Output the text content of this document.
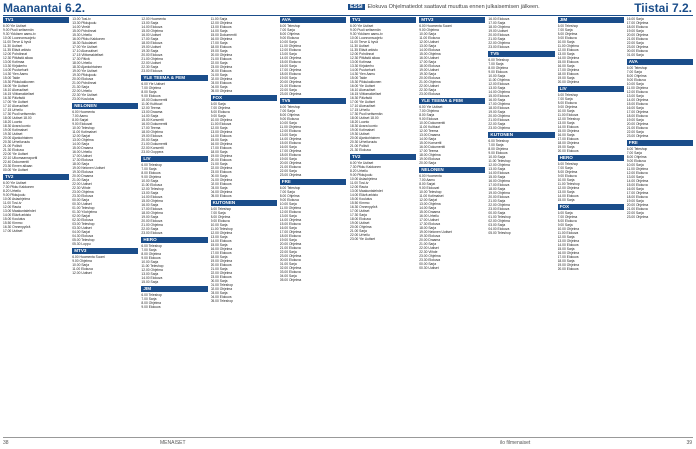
Maanantai 6.2.	ESSI Elokuva Ohjelmatiedot saattavat muuttua ennen julkaisemisen jälkeen.	Tiistai 7.2.
TV1
6.00 Yle Uutiset
9.00 Puoli seitsemän
9.30 Ykkösen aamu-tv
10.00 Luonnonsuojelu
11.00 Terve & hyvä
11.30 Uutiset
11.35 Elävä arkisto
12.00 Pohdinnat
12.30 Pitkästä aikaa
13.00 Kotimaa
13.30 Kirjakerho
14.00 Puutarhurit
14.30 Ylen Aamu
15.00 Taide
15.30 Pikkukakkonen
16.00 Yle Uutiset
16.10 Alueuutiset
16.15 Viittomakieliset
16.30 Päivästä
17.00 Yle Uutiset
17.10 Alueuutiset
17.15 Urheilu
17.30 Puoli seitsemän
18.00 Uutiset 18.00
18.20 Luonto
18.30 Avara luonto
19.00 Kotimaiset
19.30 Uutiset
20.00 Ajankohtainen
20.30 Urheiluruutu
21.00 Poliisit
21.30 Elokuva
22.00 Yle Uutiset
22.10 Ulkomaanraportti
22.40 Dokumentti
23.30 Ennen aikaan
00.00 Yle Uutiset
TV2
6.00 Yle Uutiset
7.30 Pikku Kakkonen
8.20 Urheilu
9.00 Pikkujoulu
10.00 Asiaohjelma
11.00 Tosi-tv
12.00 Rauta
13.00 Maakuntalehdet
14.00 Elävä arkisto
15.00 Koulutus
15.50 Kimmo
16.30 Onnenpyörä
17.00 Uutiset
13.00 Tosi-tv
13.30 Pikkujoulu
14.00 Vireät
15.00 Pohdinnat
15.30 Urheilu
16.00 Pikku Kakkonen
16.30 Sukulaiset
17.00 Yle Uutiset
17.10 Alueuutiset
17.15 Viittomakieliset
17.30 Päivä
18.00 Urheilu
18.30 Ajankohtainen
19.00 Yle Uutiset
19.30 Pikkujoulu
20.00 Elokuva
21.00 Pohdinnat
21.30 Sarja
22.00 Urheilu
22.30 Yle Uutiset
23.00 Koulutus
NELONEN
6.00 Huomenta
7.00 Aamu
8.00 Sarjat
9.00 Elokuvat
10.00 Teleshop
11.00 Kotimaiset
12.00 Sarjat
13.00 Ohjelma
14.00 Sarja
15.00 Draama
16.00 Urheilu
17.00 Uutiset
17.30 Elokuva
18.00 Sarja
19.00 Nelonen Uutiset
19.30 Elokuva
20.00 Draama
21.00 Sarja
22.00 Uutiset
22.30 Viihde
23.00 Ohjelma
23.30 Elokuva
00.00 Sarja
00.30 Uutiset
01.00 Teleshop
01.30 Yöohjelma
02.00 Sarjat
02.30 Elokuva
03.00 Teleshop
03.30 Uutiset
04.00 Sarjat
04.30 Elokuva
05.00 Teleshop
05.30 Loppu
MTV3
6.00 Huomenta Suomi
9.00 Ohjelma
10.00 Sarja
11.00 Elokuva
12.00 Uutiset
12.00 Huomenta
13.00 Sarja
14.00 Elokuva
15.00 Ohjelma
16.00 Uutiset
17.00 Sarja
18.00 Elokuva
19.00 Uutiset
19.30 Sarja
20.00 Elokuva
21.00 Ohjelma
22.00 Uutiset
22.30 Sarja
23.00 Elokuva
YLE TEEMA & FEM
6.00 Yle Uutiset
7.00 Ohjelma
8.00 Sarja
9.00 Elokuva
10.00 Dokumentti
11.00 Kulttuuri
12.00 Teema
13.00 Draama
14.00 Sarja
15.00 Konsertti
16.00 Dokumentti
17.00 Teema
18.00 Ohjelma
19.00 Elokuva
20.00 Sarja
21.00 Dokumentti
22.00 Konsertti
23.00 Ooppera
LIV
6.00 Teleshop
7.00 Sarja
8.00 Elokuva
9.00 Ohjelma
10.00 Sarja
11.00 Elokuva
12.00 Teleshop
13.00 Sarja
14.00 Elokuva
15.00 Ohjelma
16.00 Sarja
17.00 Elokuva
18.00 Ohjelma
19.00 Sarja
20.00 Elokuva
21.00 Ohjelma
22.00 Sarja
23.00 Elokuva
HERO
6.00 Teleshop
7.00 Sarja
8.00 Ohjelma
9.00 Elokuva
10.00 Sarja
11.00 Teleshop
12.00 Ohjelma
13.00 Sarja
14.00 Elokuva
15.00 Sarja
JIM
6.00 Teleshop
7.00 Sarja
8.00 Ohjelma
9.00 Elokuva
11.00 Sarja
12.00 Ohjelma
13.00 Elokuva
14.00 Sarja
15.00 Dokumentti
16.00 Ohjelma
17.00 Sarja
18.00 Elokuva
19.00 Sarja
20.00 Ohjelma
21.00 Elokuva
22.00 Sarja
23.00 Ohjelma
00.00 Elokuva
01.00 Sarja
02.00 Ohjelma
03.00 Elokuva
04.00 Sarja
05.00 Ohjelma
FOX
6.00 Sarja
7.00 Ohjelma
8.00 Elokuva
9.00 Sarja
10.00 Ohjelma
11.00 Elokuva
12.00 Sarja
13.00 Ohjelma
14.00 Elokuva
15.00 Sarja
16.00 Ohjelma
17.00 Elokuva
18.00 Sarja
19.00 Ohjelma
20.00 Elokuva
21.00 Sarja
22.00 Ohjelma
23.00 Elokuva
00.00 Sarja
01.00 Ohjelma
02.00 Elokuva
03.00 Sarja
04.00 Ohjelma
05.00 Elokuva
KUTONEN
6.00 Teleshop
7.00 Sarja
8.00 Ohjelma
9.00 Elokuva
10.00 Sarja
11.00 Teleshop
12.00 Ohjelma
13.00 Sarja
14.00 Elokuva
15.00 Sarja
16.00 Ohjelma
17.00 Elokuva
18.00 Sarja
19.00 Ohjelma
20.00 Elokuva
21.00 Sarja
22.00 Ohjelma
23.00 Elokuva
00.00 Sarja
01.00 Teleshop
02.00 Ohjelma
03.00 Sarja
04.00 Elokuva
05.00 Teleshop
AVA
6.00 Teleshop
7.00 Sarja
8.00 Ohjelma
9.00 Elokuva
10.00 Sarja
11.00 Ohjelma
12.00 Elokuva
13.00 Sarja
14.00 Ohjelma
15.00 Elokuva
16.00 Sarja
17.00 Ohjelma
18.00 Elokuva
19.00 Sarja
20.00 Ohjelma
21.00 Elokuva
22.00 Sarja
23.00 Ohjelma
TV5
6.00 Teleshop
7.00 Sarja
8.00 Ohjelma
9.00 Elokuva
10.00 Sarja
11.00 Ohjelma
12.00 Elokuva
13.00 Sarja
14.00 Ohjelma
15.00 Elokuva
16.00 Sarja
17.00 Ohjelma
18.00 Elokuva
19.00 Sarja
20.00 Ohjelma
21.00 Elokuva
22.00 Sarja
23.00 Ohjelma
FRII
6.00 Teleshop
7.00 Sarja
8.00 Ohjelma
9.00 Elokuva
10.00 Sarja
11.00 Ohjelma
12.00 Elokuva
13.00 Sarja
14.00 Ohjelma
15.00 Elokuva
16.00 Sarja
17.00 Ohjelma
18.00 Elokuva
19.00 Sarja
20.00 Ohjelma
21.00 Elokuva
22.00 Sarja
23.00 Ohjelma
00.00 Elokuva
01.00 Sarja
02.00 Ohjelma
03.00 Elokuva
04.00 Sarja
05.00 Ohjelma
TV1
6.00 Yle Uutiset
9.00 Puoli seitsemän
9.30 Ykkösen aamu-tv
10.00 Luonnonsuojelu
11.00 Terve & hyvä
11.30 Uutiset
11.35 Elävä arkisto
12.00 Pohdinnat
12.30 Pitkästä aikaa
13.00 Kotimaa
13.30 Kirjakerho
14.00 Puutarhurit
14.30 Ylen Aamu
15.00 Taide
15.30 Pikkukakkonen
16.00 Yle Uutiset
16.10 Alueuutiset
16.15 Viittomakieliset
16.30 Päivästä
17.00 Yle Uutiset
17.10 Alueuutiset
17.15 Urheilu
17.30 Puoli seitsemän
18.00 Uutiset 18.00
18.20 Luonto
18.30 Avara luonto
19.00 Kotimaiset
19.30 Uutiset
20.00 Ajankohtainen
20.30 Urheiluruutu
21.00 Poliisit
21.30 Elokuva
TV2
6.00 Yle Uutiset
7.30 Pikku Kakkonen
8.20 Urheilu
9.00 Pikkujoulu
10.00 Asiaohjelma
11.00 Tosi-tv
12.00 Rauta
13.00 Maakuntalehdet
14.00 Elävä arkisto
15.00 Koulutus
15.50 Kimmo
16.30 Onnenpyörä
17.00 Uutiset
17.30 Sarja
18.00 Elokuva
19.00 Uutiset
20.00 Ohjelma
21.00 Sarja
22.00 Urheilu
23.00 Yle Uutiset
MTV3
6.00 Huomenta Suomi
9.00 Ohjelma
10.00 Sarja
11.00 Elokuva
12.00 Uutiset
13.00 Sarja
14.00 Elokuva
15.00 Ohjelma
16.00 Uutiset
17.00 Sarja
18.00 Elokuva
19.00 Uutiset
19.30 Sarja
20.00 Elokuva
21.00 Ohjelma
22.00 Uutiset
22.30 Sarja
23.00 Elokuva
YLE TEEMA & FEM
6.00 Yle Uutiset
7.00 Ohjelma
8.00 Sarja
9.00 Elokuva
10.00 Dokumentti
11.00 Kulttuuri
12.00 Teema
13.00 Draama
14.00 Sarja
15.00 Konsertti
16.00 Dokumentti
17.00 Teema
18.00 Ohjelma
19.00 Elokuva
20.00 Sarja
NELONEN
6.00 Huomenta
7.00 Aamu
8.00 Sarjat
9.00 Elokuvat
10.00 Teleshop
11.00 Kotimaiset
12.00 Sarjat
13.00 Ohjelma
14.00 Sarja
15.00 Draama
16.00 Urheilu
17.00 Uutiset
17.30 Elokuva
18.00 Sarja
19.00 Nelonen Uutiset
19.30 Elokuva
20.00 Draama
21.00 Sarja
22.00 Uutiset
22.30 Viihde
23.00 Ohjelma
23.30 Elokuva
00.00 Sarja
00.30 Uutiset
16.00 Elokuva
17.00 Sarja
18.00 Ohjelma
19.00 Uutiset
20.00 Elokuva
21.00 Sarja
22.00 Ohjelma
23.00 Elokuva
TV5
6.00 Teleshop
7.00 Sarja
8.00 Ohjelma
9.00 Elokuva
10.00 Sarja
11.00 Ohjelma
12.00 Elokuva
13.00 Sarja
14.00 Ohjelma
15.00 Elokuva
16.00 Sarja
17.00 Ohjelma
18.00 Elokuva
19.00 Sarja
20.00 Ohjelma
21.00 Elokuva
22.00 Sarja
23.00 Ohjelma
KUTONEN
6.00 Teleshop
7.00 Sarja
8.00 Ohjelma
9.00 Elokuva
10.00 Sarja
11.00 Teleshop
12.00 Ohjelma
13.00 Sarja
14.00 Elokuva
15.00 Sarja
16.00 Ohjelma
17.00 Elokuva
18.00 Sarja
19.00 Ohjelma
20.00 Elokuva
21.00 Sarja
22.00 Ohjelma
23.00 Elokuva
00.00 Sarja
01.00 Teleshop
02.00 Ohjelma
03.00 Sarja
04.00 Elokuva
05.00 Teleshop
JIM
6.00 Teleshop
7.00 Sarja
8.00 Ohjelma
9.00 Elokuva
10.00 Sarja
11.00 Ohjelma
12.00 Elokuva
13.00 Sarja
14.00 Ohjelma
15.00 Elokuva
16.00 Sarja
17.00 Ohjelma
18.00 Elokuva
19.00 Sarja
20.00 Ohjelma
LIV
6.00 Teleshop
7.00 Sarja
8.00 Elokuva
9.00 Ohjelma
10.00 Sarja
11.00 Elokuva
12.00 Teleshop
13.00 Sarja
14.00 Elokuva
15.00 Ohjelma
16.00 Sarja
17.00 Elokuva
18.00 Ohjelma
19.00 Sarja
20.00 Elokuva
HERO
6.00 Teleshop
7.00 Sarja
8.00 Ohjelma
9.00 Elokuva
10.00 Sarja
11.00 Teleshop
12.00 Ohjelma
13.00 Sarja
14.00 Elokuva
15.00 Sarja
FOX
6.00 Sarja
7.00 Ohjelma
8.00 Elokuva
9.00 Sarja
10.00 Ohjelma
11.00 Elokuva
12.00 Sarja
13.00 Ohjelma
14.00 Elokuva
15.00 Sarja
16.00 Ohjelma
17.00 Elokuva
18.00 Sarja
19.00 Ohjelma
20.00 Elokuva
16.00 Sarja
17.00 Ohjelma
18.00 Elokuva
19.00 Sarja
20.00 Ohjelma
21.00 Elokuva
22.00 Sarja
23.00 Ohjelma
00.00 Elokuva
01.00 Sarja
AVA
6.00 Teleshop
7.00 Sarja
8.00 Ohjelma
9.00 Elokuva
10.00 Sarja
11.00 Ohjelma
12.00 Elokuva
13.00 Sarja
14.00 Ohjelma
15.00 Elokuva
16.00 Sarja
17.00 Ohjelma
18.00 Elokuva
19.00 Sarja
20.00 Ohjelma
21.00 Elokuva
22.00 Sarja
23.00 Ohjelma
FRII
6.00 Teleshop
7.00 Sarja
8.00 Ohjelma
9.00 Elokuva
10.00 Sarja
11.00 Ohjelma
12.00 Elokuva
13.00 Sarja
14.00 Ohjelma
15.00 Elokuva
16.00 Sarja
17.00 Ohjelma
18.00 Elokuva
19.00 Sarja
20.00 Ohjelma
21.00 Elokuva
22.00 Sarja
23.00 Ohjelma
38	MENAISET	ilo filmenaiset	39
